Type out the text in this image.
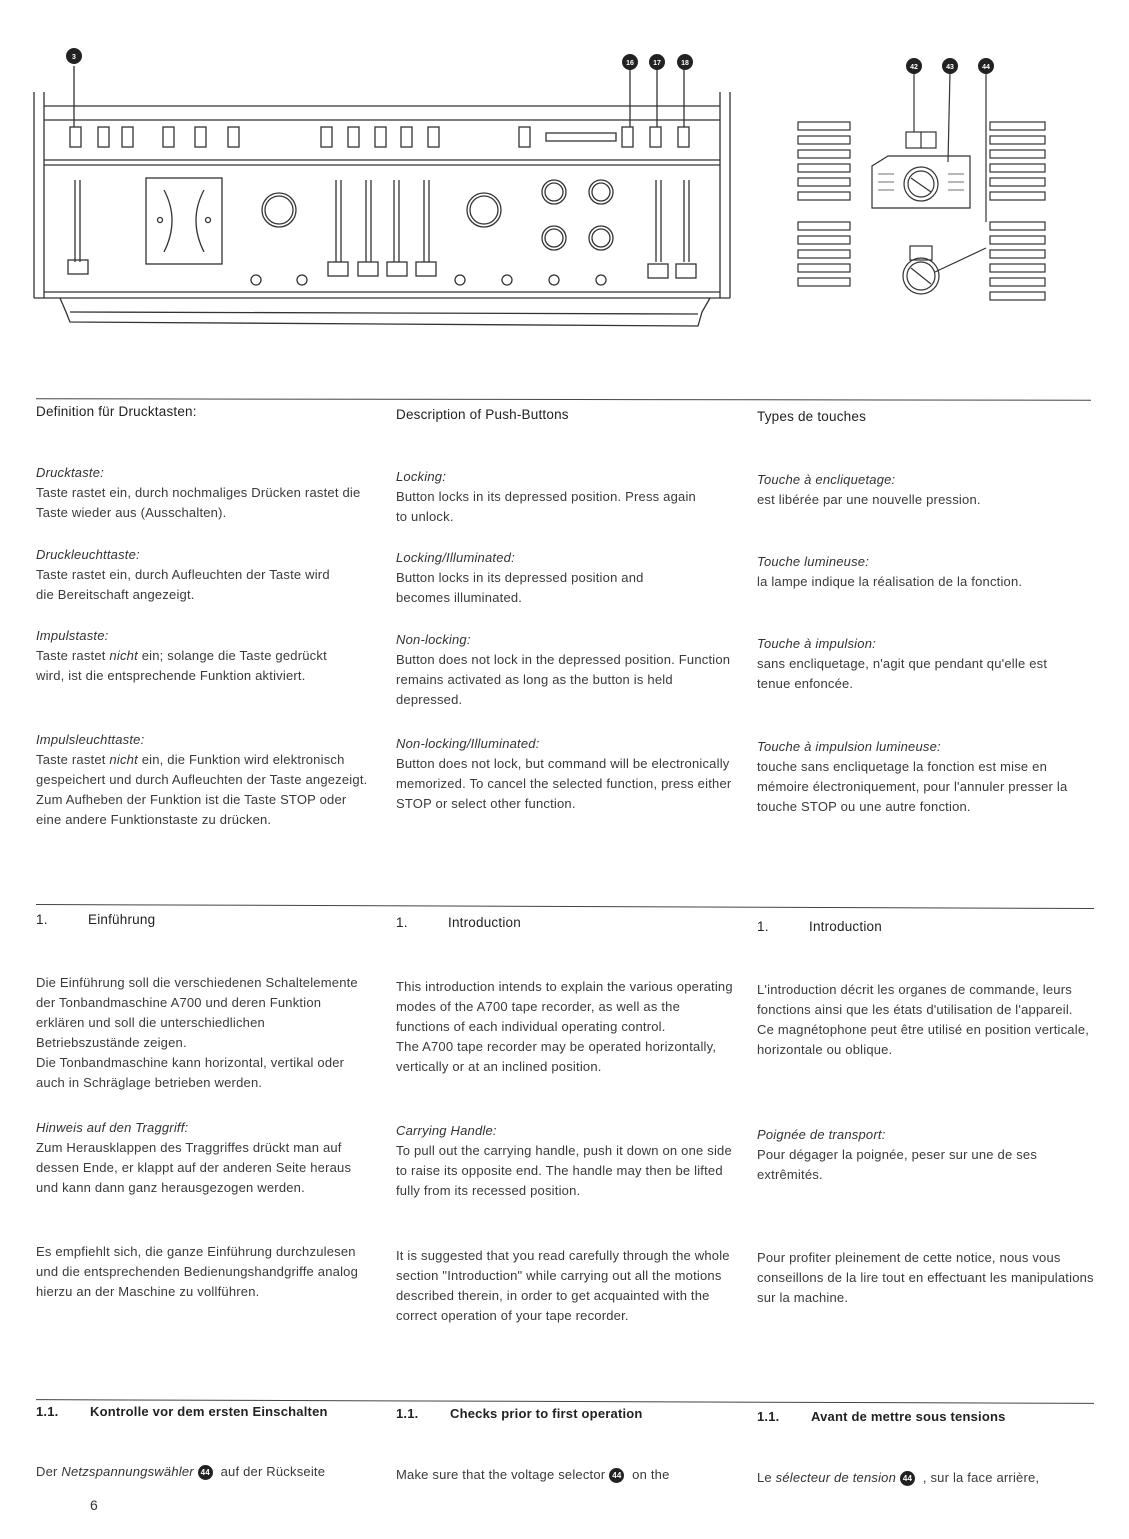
3
16	17	18
42	43	44
Definition für Drucktasten:	Description of Push-Buttons	Types de touches
Drucktaste:
Taste rastet ein, durch nochmaliges Drücken rastet die Taste wieder aus (Ausschalten).
Druckleuchttaste:
Taste rastet ein, durch Aufleuchten der Taste wird die Bereitschaft angezeigt.
Impulstaste:
Taste rastet nicht ein; solange die Taste gedrückt wird, ist die entsprechende Funktion aktiviert.
Impulsleuchttaste:
Taste rastet nicht ein, die Funktion wird elektronisch gespeichert und durch Aufleuchten der Taste angezeigt. Zum Aufheben der Funktion ist die Taste STOP oder eine andere Funktionstaste zu drücken.
Locking:
Button locks in its depressed position. Press again to unlock.
Locking/Illuminated:
Button locks in its depressed position and becomes illuminated.
Non-locking:
Button does not lock in the depressed position. Function remains activated as long as the button is held depressed.
Non-locking/Illuminated:
Button does not lock, but command will be electronically memorized. To cancel the selected function, press either STOP or select other function.
Touche à encliquetage:
est libérée par une nouvelle pression.
Touche lumineuse:
la lampe indique la réalisation de la fonction.
Touche à impulsion:
sans encliquetage, n'agit que pendant qu'elle est tenue enfoncée.
Touche à impulsion lumineuse:
touche sans encliquetage la fonction est mise en mémoire électroniquement, pour l'annuler presser la touche STOP ou une autre fonction.
1.	Einführung	1.	Introduction	1.	Introduction
Die Einführung soll die verschiedenen Schaltelemente der Tonbandmaschine A700 und deren Funktion erklären und soll die unterschiedlichen Betriebszustände zeigen.
Die Tonbandmaschine kann horizontal, vertikal oder auch in Schräglage betrieben werden.
Hinweis auf den Traggriff:
Zum Herausklappen des Traggriffes drückt man auf dessen Ende, er klappt auf der anderen Seite heraus und kann dann ganz herausgezogen werden.
Es empfiehlt sich, die ganze Einführung durchzulesen und die entsprechenden Bedienungshandgriffe analog hierzu an der Maschine zu vollführen.
This introduction intends to explain the various operating modes of the A700 tape recorder, as well as the functions of each individual operating control.
The A700 tape recorder may be operated horizontally, vertically or at an inclined position.
Carrying Handle:
To pull out the carrying handle, push it down on one side to raise its opposite end. The handle may then be lifted fully from its recessed position.
It is suggested that you read carefully through the whole section "Introduction" while carrying out all the motions described therein, in order to get acquainted with the correct operation of your tape recorder.
L'introduction décrit les organes de commande, leurs fonctions ainsi que les états d'utilisation de l'appareil.
Ce magnétophone peut être utilisé en position verticale, horizontale ou oblique.
Poignée de transport:
Pour dégager la poignée, peser sur une de ses extrêmités.
Pour profiter pleinement de cette notice, nous vous conseillons de la lire tout en effectuant les manipulations sur la machine.
1.1. Kontrolle vor dem ersten Einschalten	1.1. Checks prior to first operation	1.1. Avant de mettre sous tensions
Der Netzspannungswähler 44 auf der Rückseite	Make sure that the voltage selector 44 on the	Le sélecteur de tension 44 , sur la face arrière,
6
